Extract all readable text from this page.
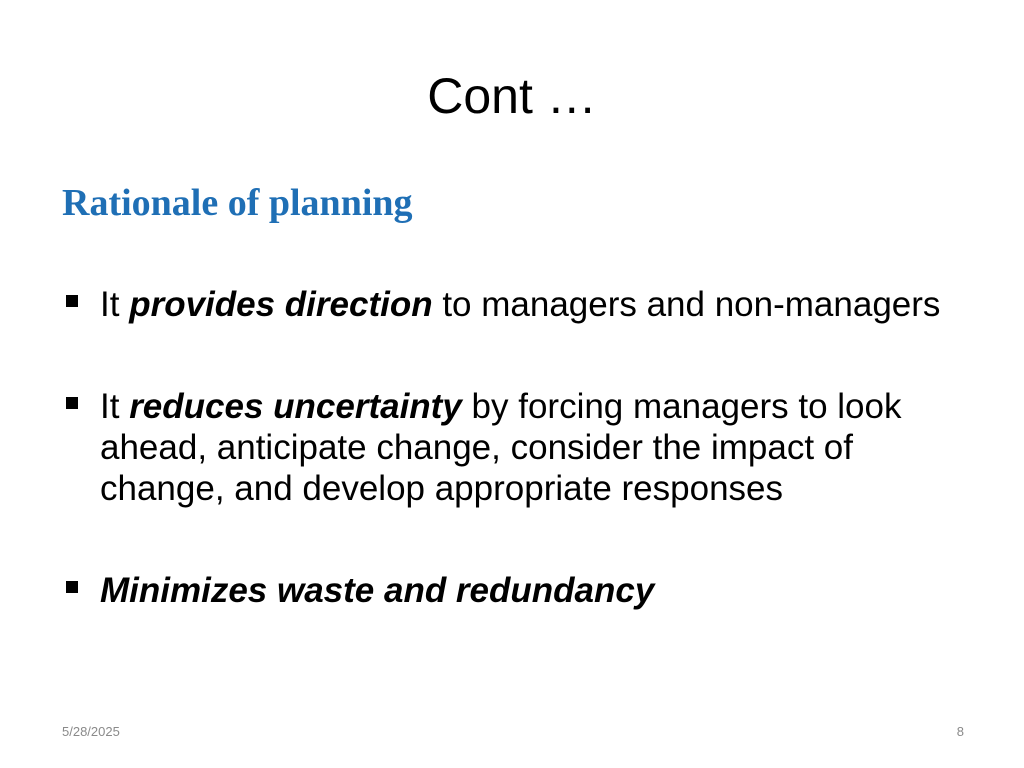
Cont …
Rationale of planning
It provides direction to managers and non-managers
It reduces uncertainty by forcing managers to look ahead, anticipate change, consider the impact of change, and develop appropriate responses
Minimizes waste and redundancy
5/28/2025	8
